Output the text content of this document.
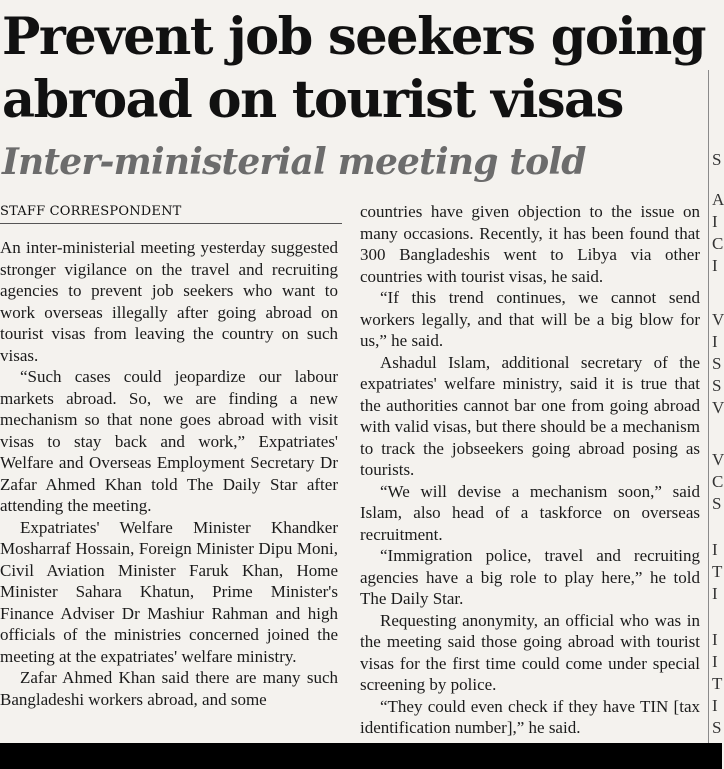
Prevent job seekers going
abroad on tourist visas
Inter-ministerial meeting told
STAFF CORRESPONDENT

An inter-ministerial meeting yesterday suggested stronger vigilance on the travel and recruiting agencies to prevent job seekers who want to work overseas illegally after going abroad on tourist visas from leaving the country on such visas.

“Such cases could jeopardize our labour markets abroad. So, we are finding a new mechanism so that none goes abroad with visit visas to stay back and work,” Expatriates' Welfare and Overseas Employment Secretary Dr Zafar Ahmed Khan told The Daily Star after attending the meeting.

Expatriates' Welfare Minister Khandker Mosharraf Hossain, Foreign Minister Dipu Moni, Civil Aviation Minister Faruk Khan, Home Minister Sahara Khatun, Prime Minister's Finance Adviser Dr Mashiur Rahman and high officials of the ministries concerned joined the meeting at the expatriates' welfare ministry.

Zafar Ahmed Khan said there are many such Bangladeshi workers abroad, and some

countries have given objection to the issue on many occasions. Recently, it has been found that 300 Bangladeshis went to Libya via other countries with tourist visas, he said.

“If this trend continues, we cannot send workers legally, and that will be a big blow for us,” he said.

Ashadul Islam, additional secretary of the expatriates' welfare ministry, said it is true that the authorities cannot bar one from going abroad with valid visas, but there should be a mechanism to track the jobseekers going abroad posing as tourists.

“We will devise a mechanism soon,” said Islam, also head of a taskforce on overseas recruitment.

“Immigration police, travel and recruiting agencies have a big role to play here,” he told The Daily Star.

Requesting anonymity, an official who was in the meeting said those going abroad with tourist visas for the first time could come under special screening by police.

“They could even check if they have TIN [tax identification number],” he said.

S
A
I
C
I
V
I
S
S
V
V
C
S
I
T
I
I
I
T
I
S
